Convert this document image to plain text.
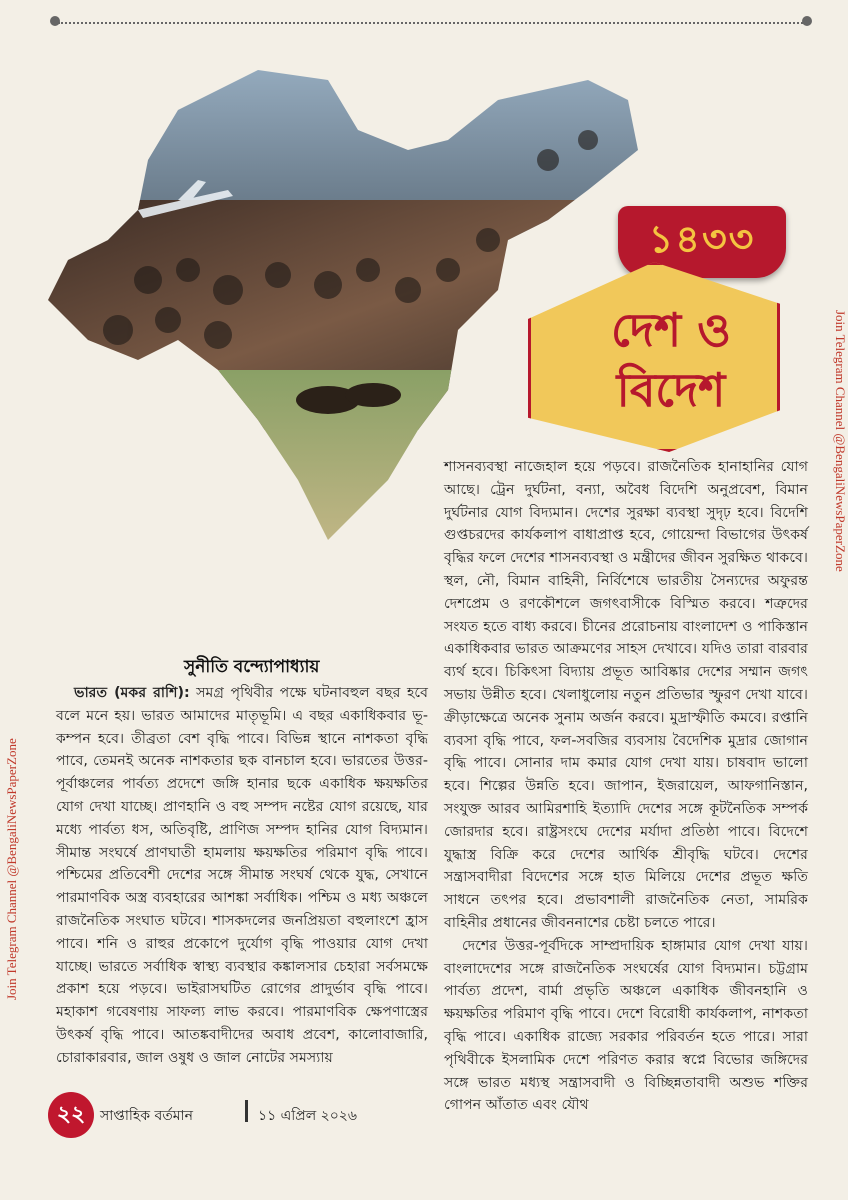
১৪৩৩
দেশ ও
বিদেশ
Join Telegram Channel @BengaliNewsPaperZone
Join Telegram Channel @BengaliNewsPaperZone
সুনীতি বন্দ্যোপাধ্যায়

ভারত (মকর রাশি): সমগ্র পৃথিবীর পক্ষে ঘটনাবহুল বছর হবে বলে মনে হয়। ভারত আমাদের মাতৃভূমি। এ বছর একাধিকবার ভূ-কম্পন হবে। তীব্রতা বেশ বৃদ্ধি পাবে। বিভিন্ন স্থানে নাশকতা বৃদ্ধি পাবে, তেমনই অনেক নাশকতার ছক বানচাল হবে। ভারতের উত্তর-পূর্বাঞ্চলের পার্বত্য প্রদেশে জঙ্গি হানার ছকে একাধিক ক্ষয়ক্ষতির যোগ দেখা যাচ্ছে। প্রাণহানি ও বহু সম্পদ নষ্টের যোগ রয়েছে, যার মধ্যে পার্বত্য ধস, অতিবৃষ্টি, প্রাণিজ সম্পদ হানির যোগ বিদ্যমান। সীমান্ত সংঘর্ষে প্রাণঘাতী হামলায় ক্ষয়ক্ষতির পরিমাণ বৃদ্ধি পাবে। পশ্চিমের প্রতিবেশী দেশের সঙ্গে সীমান্ত সংঘর্ষ থেকে যুদ্ধ, সেখানে পারমাণবিক অস্ত্র ব্যবহারের আশঙ্কা সর্বাধিক। পশ্চিম ও মধ্য অঞ্চলে রাজনৈতিক সংঘাত ঘটবে। শাসকদলের জনপ্রিয়তা বহুলাংশে হ্রাস পাবে। শনি ও রাহুর প্রকোপে দুর্যোগ বৃদ্ধি পাওয়ার যোগ দেখা যাচ্ছে। ভারতে সর্বাধিক স্বাস্থ্য ব্যবস্থার কঙ্কালসার চেহারা সর্বসমক্ষে প্রকাশ হয়ে পড়বে। ভাইরাসঘটিত রোগের প্রাদুর্ভাব বৃদ্ধি পাবে। মহাকাশ গবেষণায় সাফল্য লাভ করবে। পারমাণবিক ক্ষেপণাস্ত্রের উৎকর্ষ বৃদ্ধি পাবে। আতঙ্কবাদীদের অবাধ প্রবেশ, কালোবাজারি, চোরাকারবার, জাল ওষুধ ও জাল নোটের সমস্যায়

শাসনব্যবস্থা নাজেহাল হয়ে পড়বে। রাজনৈতিক হানাহানির যোগ আছে। ট্রেন দুর্ঘটনা, বন্যা, অবৈধ বিদেশি অনুপ্রবেশ, বিমান দুর্ঘটনার যোগ বিদ্যমান। দেশের সুরক্ষা ব্যবস্থা সুদৃঢ় হবে। বিদেশি গুপ্তচরদের কার্যকলাপ বাধাপ্রাপ্ত হবে, গোয়েন্দা বিভাগের উৎকর্ষ বৃদ্ধির ফলে দেশের শাসনব্যবস্থা ও মন্ত্রীদের জীবন সুরক্ষিত থাকবে। স্থল, নৌ, বিমান বাহিনী, নির্বিশেষে ভারতীয় সৈন্যদের অফুরন্ত দেশপ্রেম ও রণকৌশলে জগৎবাসীকে বিস্মিত করবে। শত্রুদের সংযত হতে বাধ্য করবে। চীনের প্ররোচনায় বাংলাদেশ ও পাকিস্তান একাধিকবার ভারত আক্রমণের সাহস দেখাবে। যদিও তারা বারবার ব্যর্থ হবে। চিকিৎসা বিদ্যায় প্রভূত আবিষ্কার দেশের সম্মান জগৎ সভায় উন্নীত হবে। খেলাধুলোয় নতুন প্রতিভার স্ফুরণ দেখা যাবে। ক্রীড়াক্ষেত্রে অনেক সুনাম অর্জন করবে। মুদ্রাস্ফীতি কমবে। রপ্তানি ব্যবসা বৃদ্ধি পাবে, ফল-সবজির ব্যবসায় বৈদেশিক মুদ্রার জোগান বৃদ্ধি পাবে। সোনার দাম কমার যোগ দেখা যায়। চাষবাদ ভালো হবে। শিল্পের উন্নতি হবে। জাপান, ইজরায়েল, আফগানিস্তান, সংযুক্ত আরব আমিরশাহি ইত্যাদি দেশের সঙ্গে কূটনৈতিক সম্পর্ক জোরদার হবে। রাষ্ট্রসংঘে দেশের মর্যাদা প্রতিষ্ঠা পাবে। বিদেশে যুদ্ধাস্ত্র বিক্রি করে দেশের আর্থিক শ্রীবৃদ্ধি ঘটবে। দেশের সন্ত্রাসবাদীরা বিদেশের সঙ্গে হাত মিলিয়ে দেশের প্রভূত ক্ষতি সাধনে তৎপর হবে। প্রভাবশালী রাজনৈতিক নেতা, সামরিক বাহিনীর প্রধানের জীবননাশের চেষ্টা চলতে পারে।

দেশের উত্তর-পূর্বদিকে সাম্প্রদায়িক হাঙ্গামার যোগ দেখা যায়। বাংলাদেশের সঙ্গে রাজনৈতিক সংঘর্ষের যোগ বিদ্যমান। চট্টগ্রাম পার্বত্য প্রদেশ, বার্মা প্রভৃতি অঞ্চলে একাধিক জীবনহানি ও ক্ষয়ক্ষতির পরিমাণ বৃদ্ধি পাবে। দেশে বিরোধী কার্যকলাপ, নাশকতা বৃদ্ধি পাবে। একাধিক রাজ্যে সরকার পরিবর্তন হতে পারে। সারা পৃথিবীকে ইসলামিক দেশে পরিণত করার স্বপ্নে বিভোর জঙ্গিদের সঙ্গে ভারত মধ্যস্থ সন্ত্রাসবাদী ও বিচ্ছিন্নতাবাদী অশুভ শক্তির গোপন আঁতাত এবং যৌথ

২২	সাপ্তাহিক বর্তমান	১১ এপ্রিল ২০২৬
